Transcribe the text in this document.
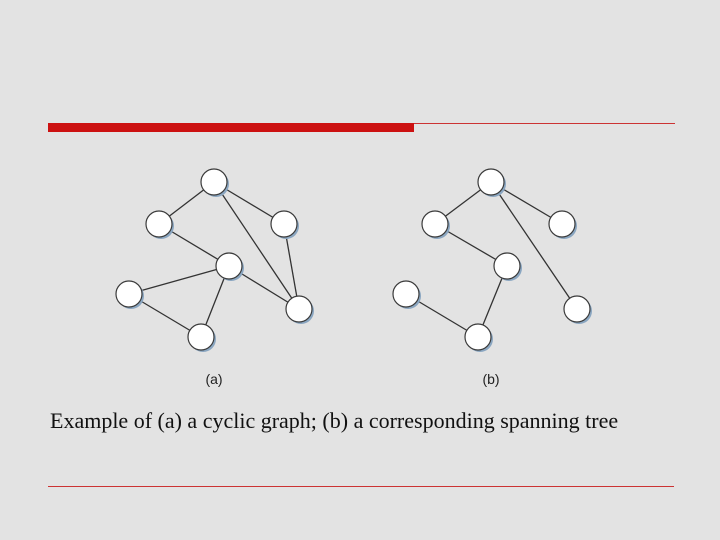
(a)	(b)
Example of (a) a cyclic graph; (b) a corresponding spanning tree
